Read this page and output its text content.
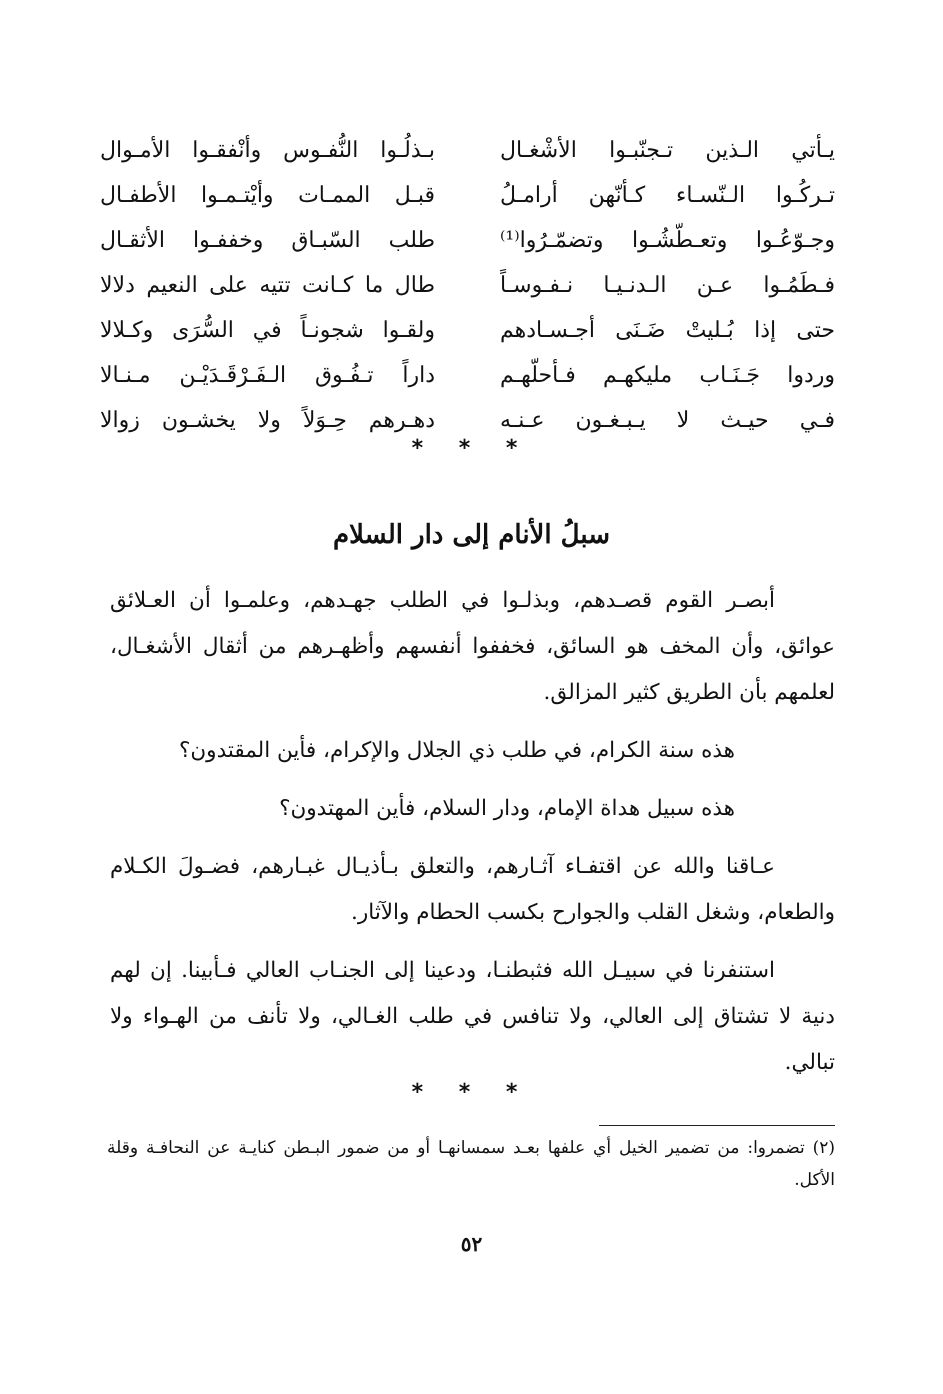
يـأتي الـذين تـجنّبـوا الأشْغـال
تـركُـوا الـنّسـاء كـأنّهن أرامـلُ
وجـوّعُـوا وتعـطّشُـوا وتضمّـرُوا⁽¹⁾
فـطَمُـوا عـن الـدنـيـا نـفـوسـاً
حتى إذا بُـليتْ ضَـنَى أجـسـادهم
وردوا جَـنَـاب مليكهـم فـأحلّهـم
فـي حيـث لا يـبـغـون عـنـه
بـذلُـوا النُّفـوس وأنْفقـوا الأمـوال
قبـل الممـات وأيْتـمـوا الأطفـال
طلب السّبـاق وخففـوا الأثقـال
طال ما كـانت تتيه على النعيم دلالا
ولقـوا شجونـاً في السُّرَى وكـلالا
داراً تـفُـوق الـفَـرْقَـدَيْـن مـنـالا
دهـرهم حِـوَلاً ولا يخشـون زوالا
* * *
سبلُ الأنام إلى دار السلام

أبصـر القوم قصـدهم، وبذلـوا في الطلب جهـدهم، وعلمـوا أن العـلائق عوائق، وأن المخف هو السائق، فخففوا أنفسهم وأظهـرهم من أثقال الأشغـال، لعلمهم بأن الطريق كثير المزالق.

هذه سنة الكرام، في طلب ذي الجلال والإكرام، فأين المقتدون؟

هذه سبيل هداة الإمام، ودار السلام، فأين المهتدون؟

عـاقنا والله عن اقتفـاء آثـارهم، والتعلق بـأذيـال غبـارهم، فضـولَ الكـلام والطعام، وشغل القلب والجوارح بكسب الحطام والآثار.

استنفرنا في سبيـل الله فثبطنـا، ودعينا إلى الجنـاب العالي فـأبينا. إن لهم دنية لا تشتاق إلى العالي، ولا تنافس في طلب الغـالي، ولا تأنف من الهـواء ولا تبالي.

* * *
(٢) تضمروا: من تضمير الخيل أي علفها بعـد سمسانهـا أو من ضمور البـطن كنايـة عن النحافـة وقلة الأكل.
٥٢
